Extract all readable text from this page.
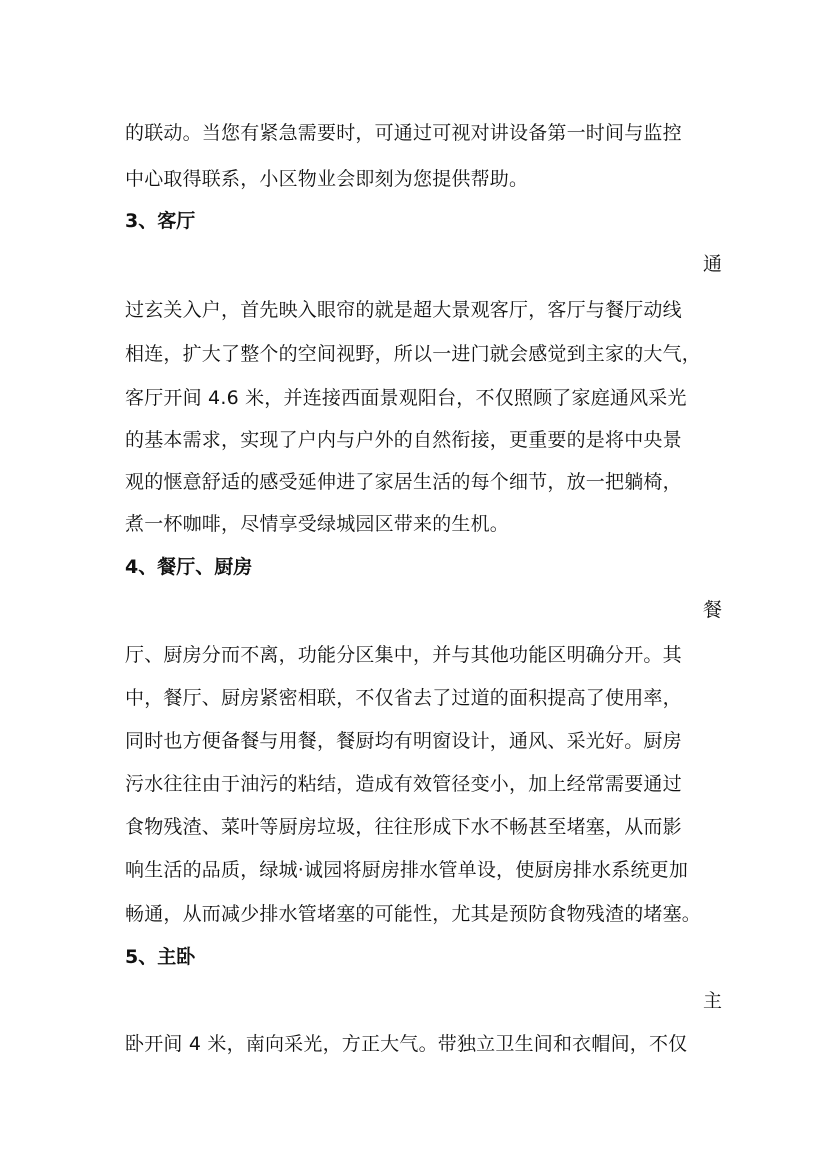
的联动。当您有紧急需要时，可通过可视对讲设备第一时间与监控
中心取得联系，小区物业会即刻为您提供帮助。
3、客厅
通
过玄关入户，首先映入眼帘的就是超大景观客厅，客厅与餐厅动线
相连，扩大了整个的空间视野，所以一进门就会感觉到主家的大气，
客厅开间 4.6 米，并连接西面景观阳台，不仅照顾了家庭通风采光
的基本需求，实现了户内与户外的自然衔接，更重要的是将中央景
观的惬意舒适的感受延伸进了家居生活的每个细节，放一把躺椅，
煮一杯咖啡，尽情享受绿城园区带来的生机。
4、餐厅、厨房
餐
厅、厨房分而不离，功能分区集中，并与其他功能区明确分开。其
中，餐厅、厨房紧密相联，不仅省去了过道的面积提高了使用率，
同时也方便备餐与用餐，餐厨均有明窗设计，通风、采光好。厨房
污水往往由于油污的粘结，造成有效管径变小，加上经常需要通过
食物残渣、菜叶等厨房垃圾，往往形成下水不畅甚至堵塞，从而影
响生活的品质，绿城·诚园将厨房排水管单设，使厨房排水系统更加
畅通，从而减少排水管堵塞的可能性，尤其是预防食物残渣的堵塞。
5、主卧
主
卧开间 4 米，南向采光，方正大气。带独立卫生间和衣帽间，不仅
